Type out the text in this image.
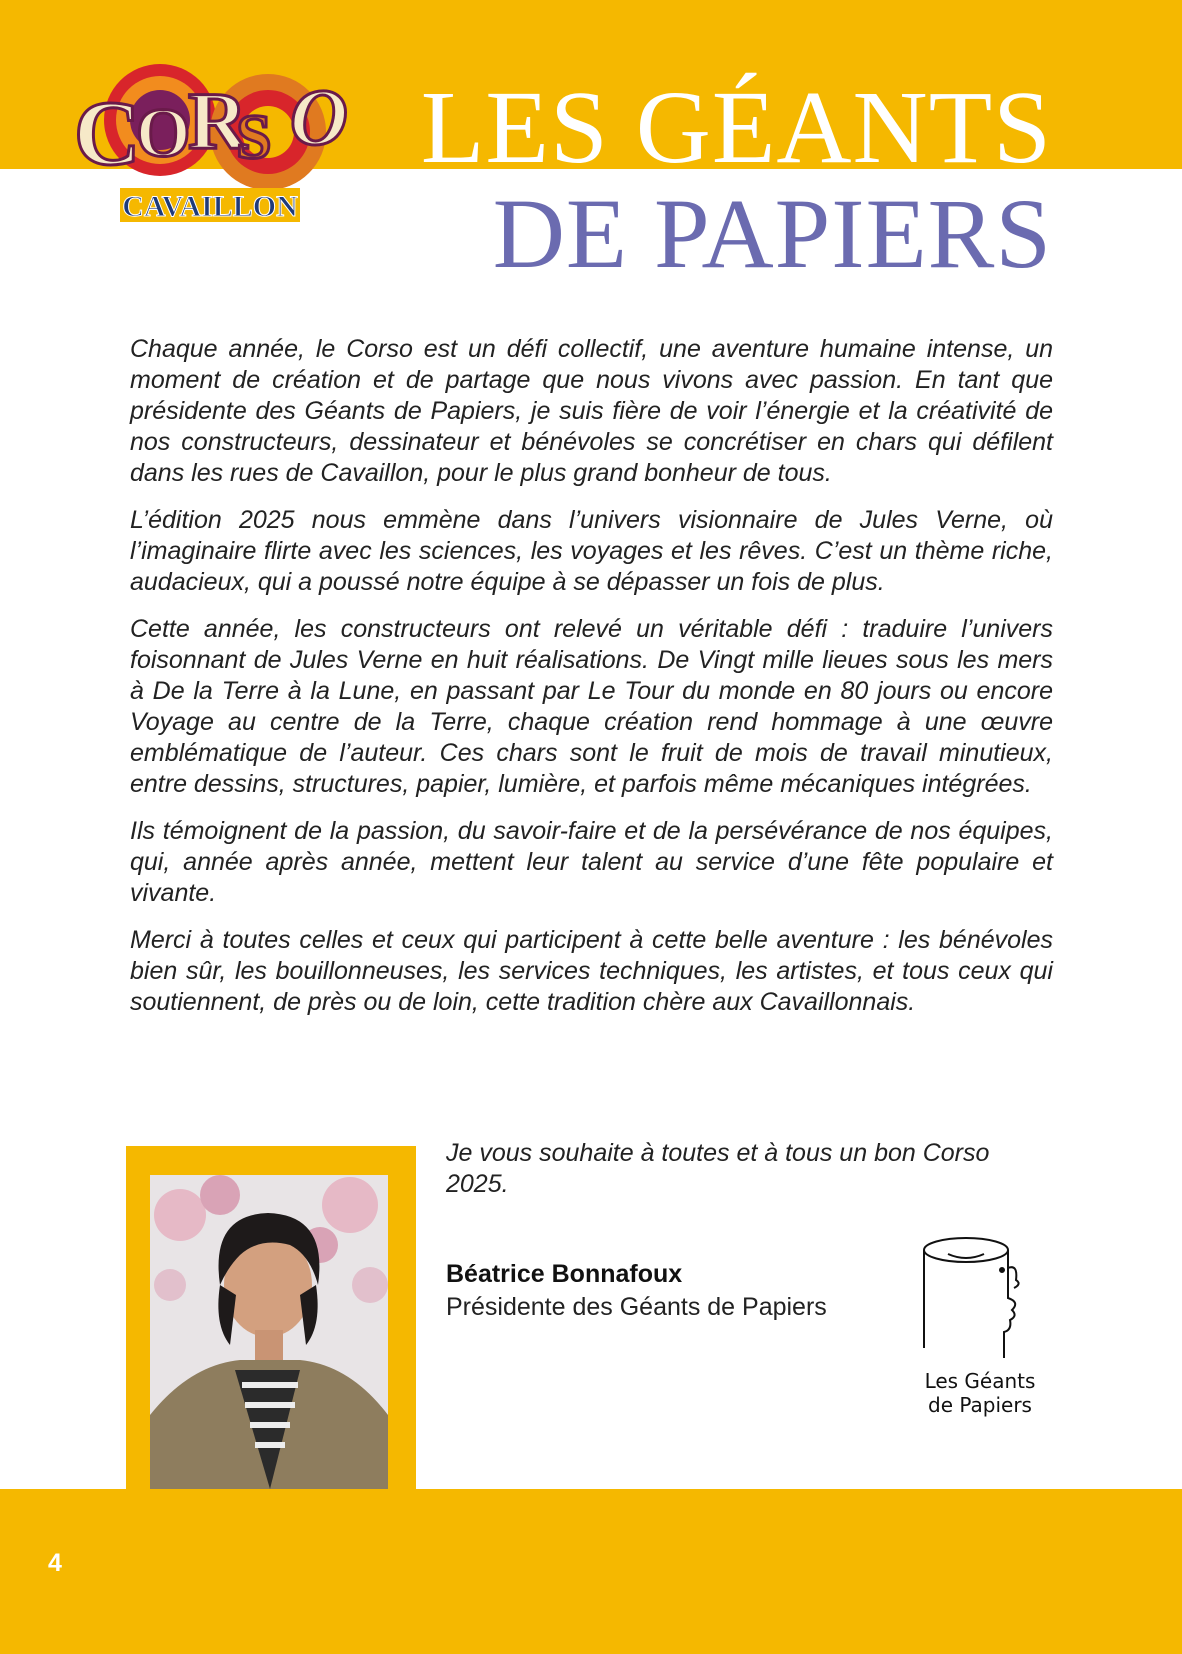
C
O
R
S O
CAVAILLON
LES GÉANTS
DE PAPIERS

Chaque année, le Corso est un défi collectif, une aventure humaine intense, un moment de création et de partage que nous vivons avec passion. En tant que présidente des Géants de Papiers, je suis fière de voir l’énergie et la créativité de nos constructeurs, dessinateur et bénévoles se concrétiser en chars qui défilent dans les rues de Cavaillon, pour le plus grand bonheur de tous.

L’édition 2025 nous emmène dans l’univers visionnaire de Jules Verne, où l’imaginaire flirte avec les sciences, les voyages et les rêves. C’est un thème riche, audacieux, qui a poussé notre équipe à se dépasser un fois de plus.

Cette année, les constructeurs ont relevé un véritable défi : traduire l’univers foisonnant de Jules Verne en huit réalisations. De Vingt mille lieues sous les mers à De la Terre à la Lune, en passant par Le Tour du monde en 80 jours ou encore Voyage au centre de la Terre, chaque création rend hommage à une œuvre emblématique de l’auteur. Ces chars sont le fruit de mois de travail minutieux, entre dessins, structures, papier, lumière, et parfois même mécaniques intégrées.

Ils témoignent de la passion, du savoir-faire et de la persévérance de nos équipes, qui, année après année, mettent leur talent au service d’une fête populaire et vivante.

Merci à toutes celles et ceux qui participent à cette belle aventure : les bénévoles bien sûr, les bouillonneuses, les services techniques, les artistes, et tous ceux qui soutiennent, de près ou de loin, cette tradition chère aux Cavaillonnais.

Je vous souhaite à toutes et à tous un bon Corso 2025.
Béatrice Bonnafoux
Présidente des Géants de Papiers
Les Géants
de Papiers
4
